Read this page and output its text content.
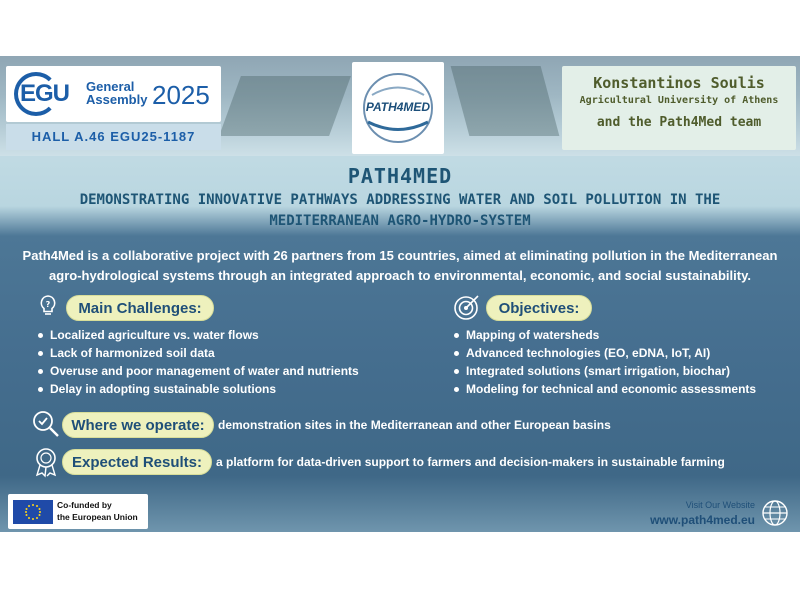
EGU General
Assembly 2025
HALL A.46 EGU25-1187
PATH4MED
Konstantinos Soulis
Agricultural University of Athens
and the Path4Med team
PATH4MED
DEMONSTRATING INNOVATIVE PATHWAYS ADDRESSING WATER AND SOIL POLLUTION IN THE MEDITERRANEAN AGRO-HYDRO-SYSTEM
Path4Med is a collaborative project with 26 partners from 15 countries, aimed at eliminating pollution in the Mediterranean agro-hydrological systems through an integrated approach to environmental, economic, and social sustainability.
?	Main Challenges:
Localized agriculture vs. water flows
Lack of harmonized soil data
Overuse and poor management of water and nutrients
Delay in adopting sustainable solutions
Objectives:
Mapping of watersheds
Advanced technologies (EO, eDNA, IoT, AI)
Integrated solutions (smart irrigation, biochar)
Modeling for technical and economic assessments
Where we operate:	demonstration sites in the Mediterranean and other European basins
Expected Results:	a platform for data-driven support to farmers and decision-makers in sustainable farming
Co-funded by
the European Union
Visit Our Website
www.path4med.eu
